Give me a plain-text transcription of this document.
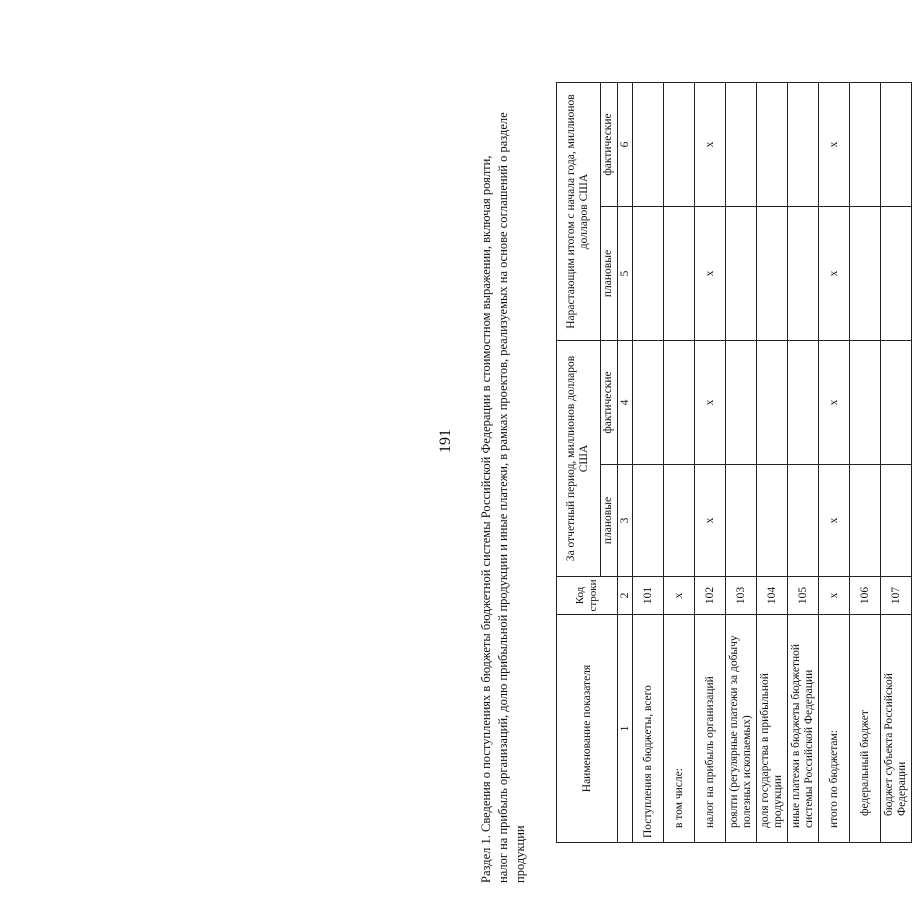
191 Раздел 1. Сведения о поступлениях в бюджеты бюджетной системы Российской Федерации в стоимостном выражении, включая роялти, налог на прибыль организаций, долю прибыльной продукции и иные платежи, в рамках проектов, реализуемых на основе соглашений о разделе продукции
Наименование показателя	Код строки	За отчетный период, миллионов долларов США		Нарастающим итогом с начала года, миллионов долларов США	
		плановые	фактические	плановые	фактические
1	2	3	4	5	6
Поступления в бюджеты, всего	101				
в том числе:	х				
налог на прибыль организаций	102	х	х	х	х
роялти (регулярные платежи за добычу полезных ископаемых)	103				
доля государства в прибыльной продукции	104				
иные платежи в бюджеты бюджетной системы Российской Федерации	105				
итого по бюджетам:	х	х	х	х	х
федеральный бюджет	106				
бюджет субъекта Российской Федерации	107				
